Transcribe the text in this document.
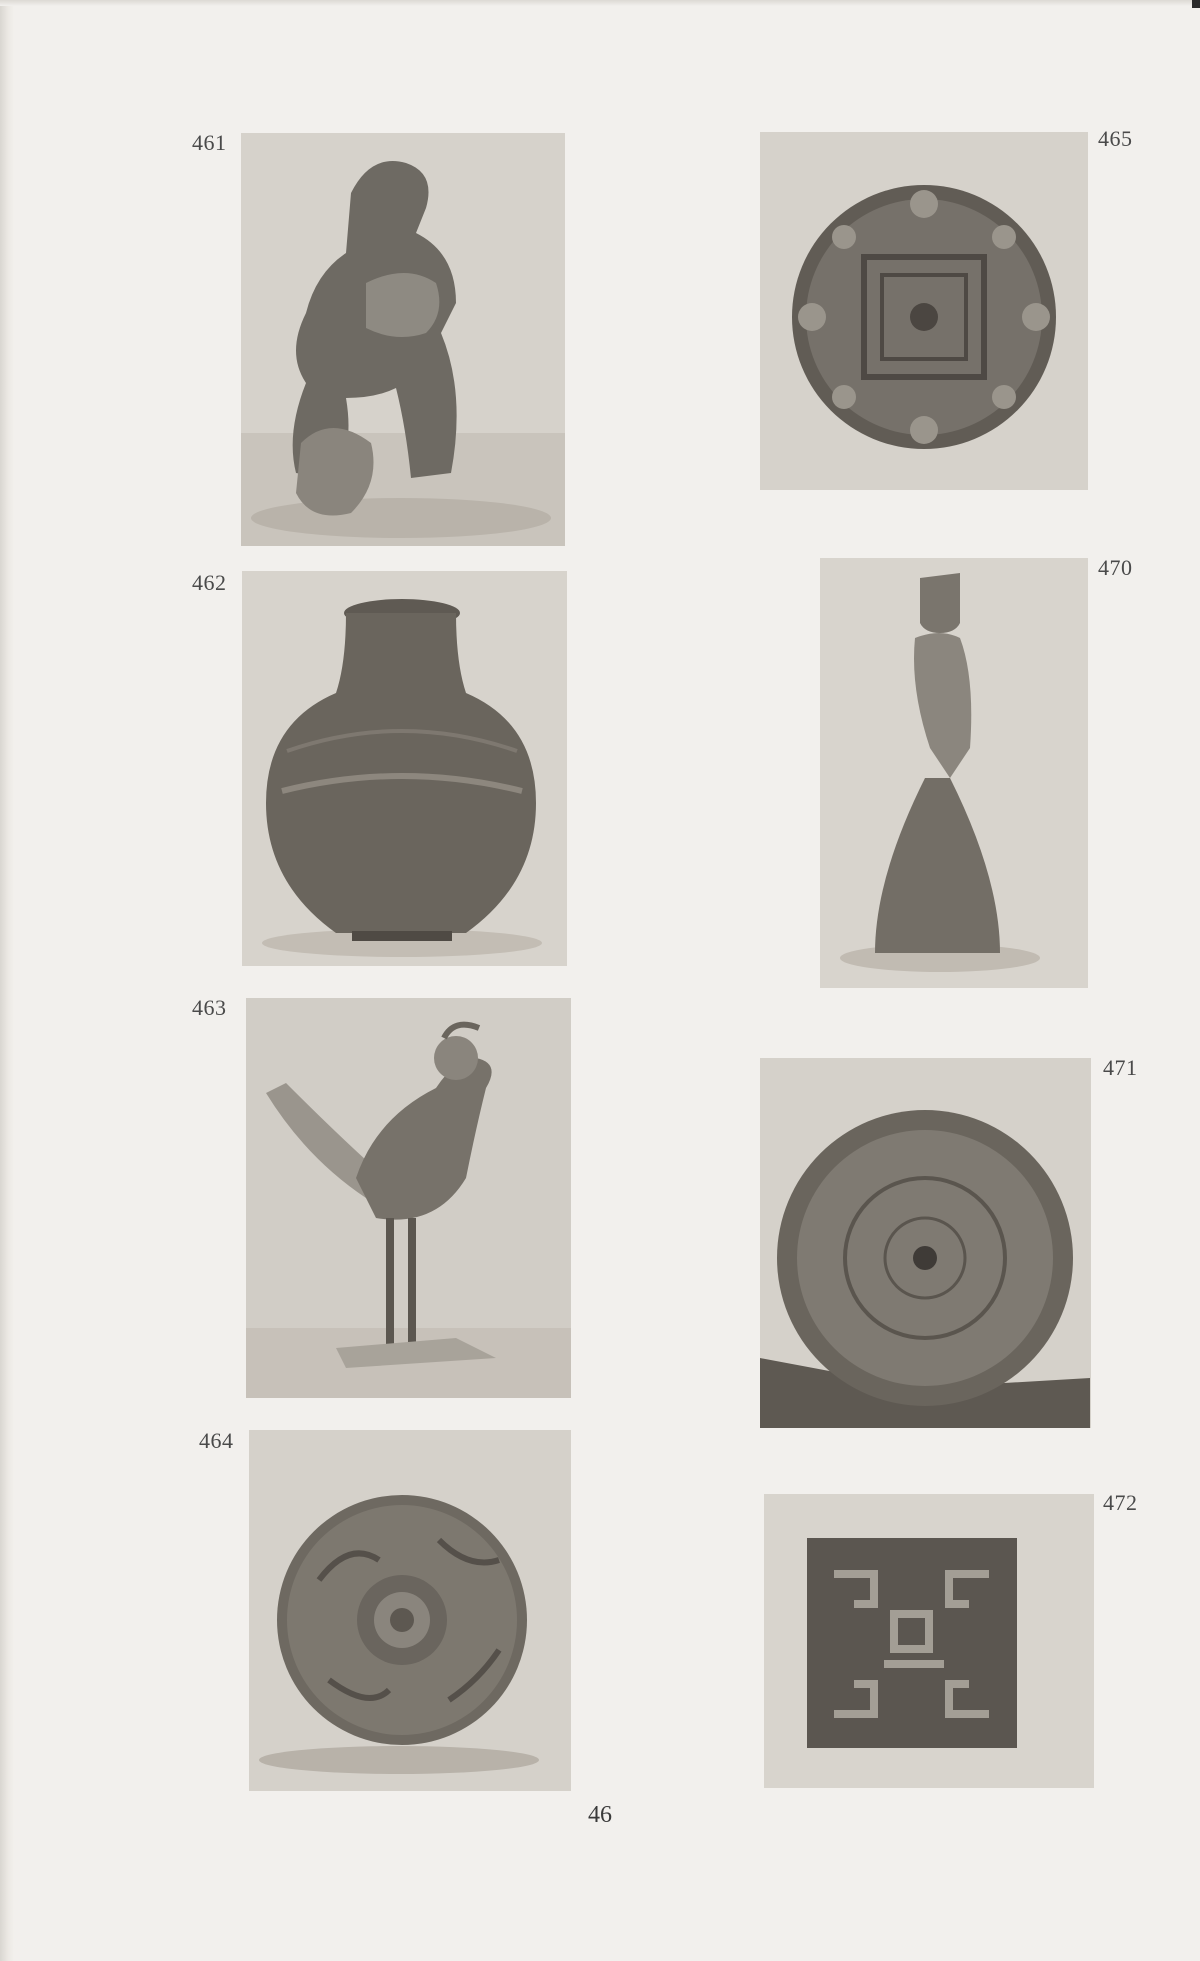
461
462
463
464
465
470
471
472
46
